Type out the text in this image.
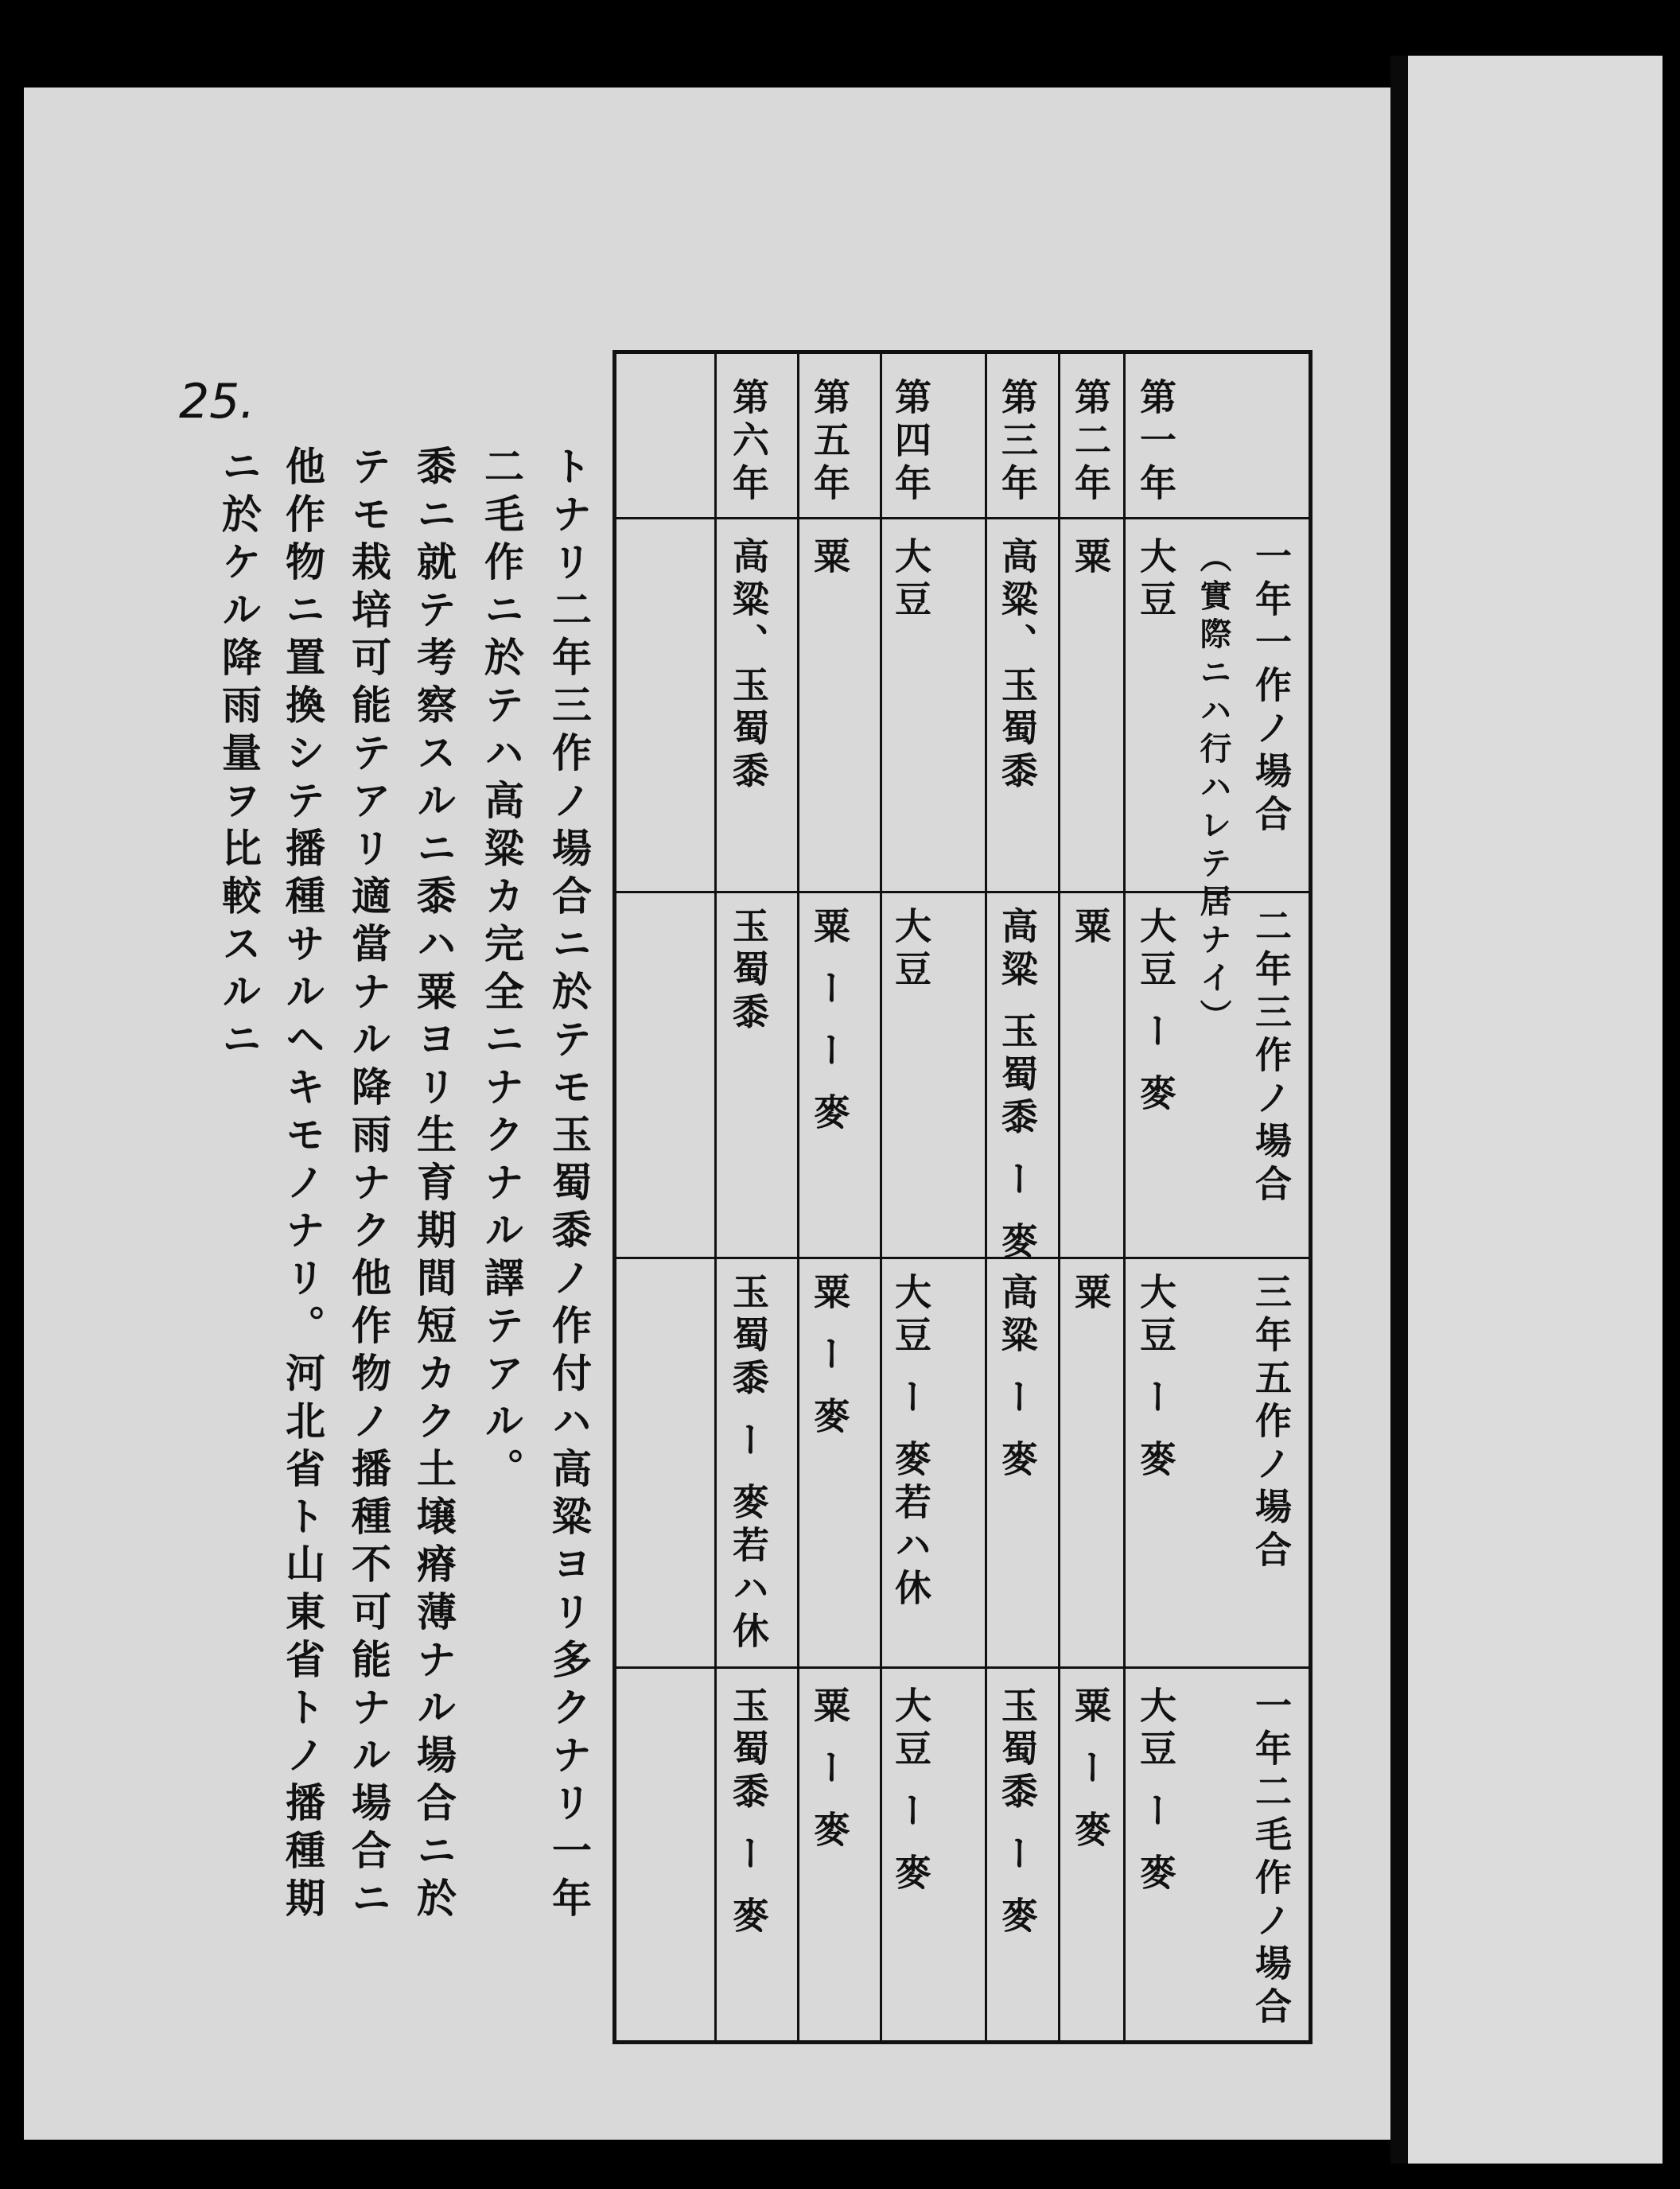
25.
トナリ二年三作ノ場合ニ於テモ玉蜀黍ノ作付ハ高粱ヨリ多クナリ一年
二毛作ニ於テハ高粱カ完全ニナクナル譯テアル。
黍ニ就テ考察スルニ黍ハ粟ヨリ生育期間短カク土壌瘠薄ナル場合ニ於
テモ栽培可能テアリ適當ナル降雨ナク他作物ノ播種不可能ナル場合ニ
他作物ニ置換シテ播種サルヘキモノナリ。河北省ト山東省トノ播種期
ニ於ケル降雨量ヲ比較スルニ
第一年
第二年
第三年
第四年
第五年
第六年
一年一作ノ場合
（實際ニハ行ハレテ居ナイ）
二年三作ノ場合
三年五作ノ場合
一年二毛作ノ場合
大豆
粟
高粱、玉蜀黍
大豆
粟
高粱、玉蜀黍
大豆 ー 麥
粟
高粱 玉蜀黍 ー 麥
大豆
粟 ー ー 麥
玉蜀黍
大豆 ー 麥
粟
高粱 ー 麥
大豆 ー 麥若ハ休
粟 ー 麥
玉蜀黍 ー 麥若ハ休
大豆 ー 麥
粟 ー 麥
玉蜀黍 ー 麥
大豆 ー 麥
粟 ー 麥
玉蜀黍 ー 麥
